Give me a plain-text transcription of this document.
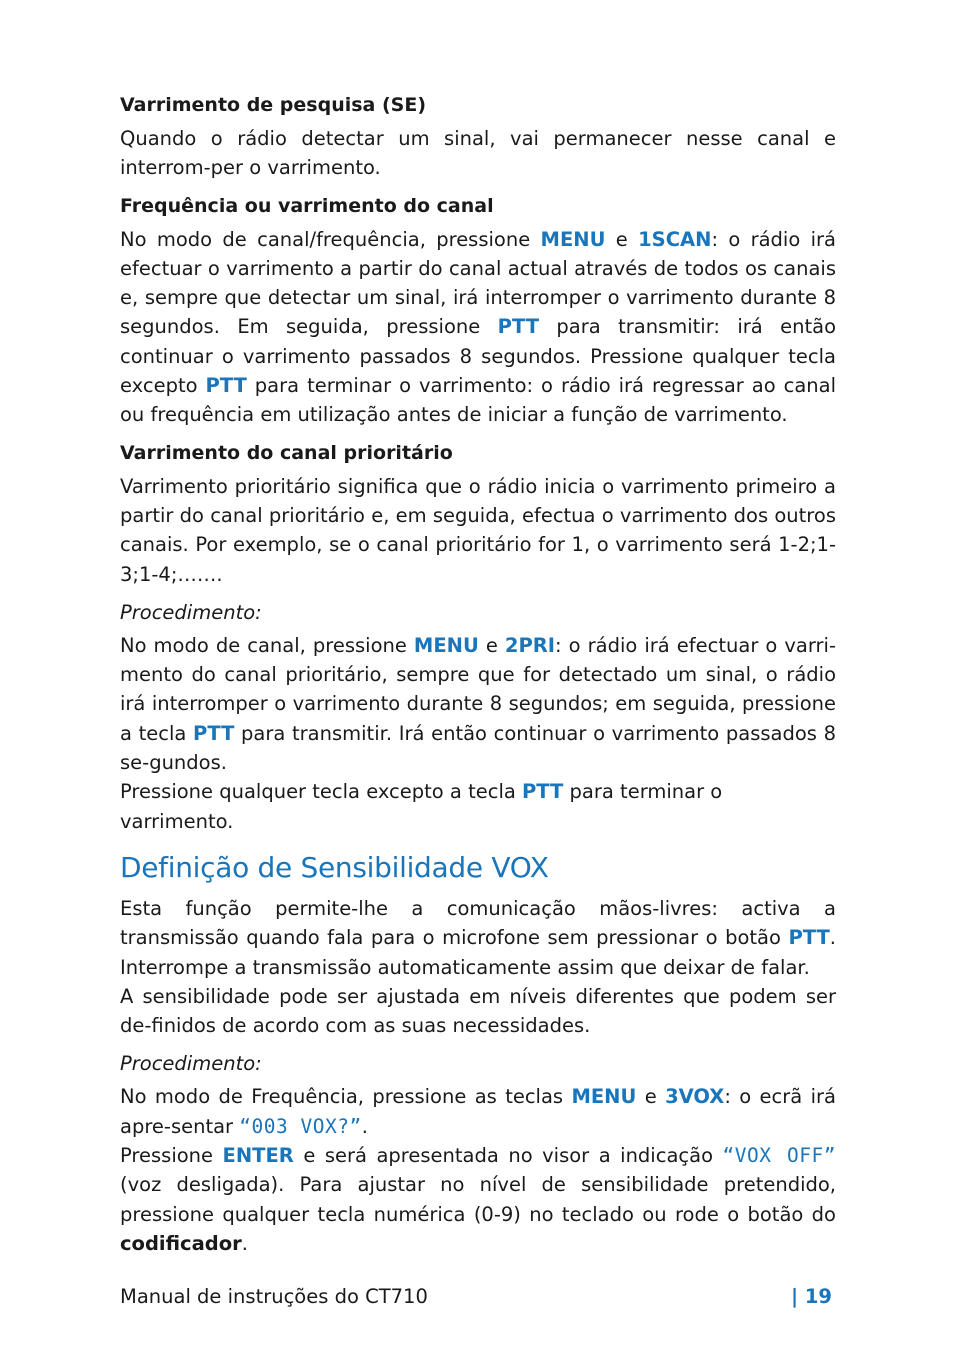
Varrimento de pesquisa (SE)

Quando o rádio detectar um sinal, vai permanecer nesse canal e interrom-per o varrimento.

Frequência ou varrimento do canal

No modo de canal/frequência, pressione MENU e 1SCAN: o rádio irá efectuar o varrimento a partir do canal actual através de todos os canais e, sempre que detectar um sinal, irá interromper o varrimento durante 8 segundos. Em seguida, pressione PTT para transmitir: irá então continuar o varrimento passados 8 segundos. Pressione qualquer tecla excepto PTT para terminar o varrimento: o rádio irá regressar ao canal ou frequência em utilização antes de iniciar a função de varrimento.

Varrimento do canal prioritário

Varrimento prioritário significa que o rádio inicia o varrimento primeiro a partir do canal prioritário e, em seguida, efectua o varrimento dos outros canais. Por exemplo, se o canal prioritário for 1, o varrimento será 1-2;1-3;1-4;…….

Procedimento:

No modo de canal, pressione MENU e 2PRI: o rádio irá efectuar o varri-mento do canal prioritário, sempre que for detectado um sinal, o rádio irá interromper o varrimento durante 8 segundos; em seguida, pressione a tecla PTT para transmitir. Irá então continuar o varrimento passados 8 se-gundos.

Pressione qualquer tecla excepto a tecla PTT para terminar o varrimento.

Definição de Sensibilidade VOX

Esta função permite-lhe a comunicação mãos-livres: activa a transmissão quando fala para o microfone sem pressionar o botão PTT. Interrompe a transmissão automaticamente assim que deixar de falar.

A sensibilidade pode ser ajustada em níveis diferentes que podem ser de-finidos de acordo com as suas necessidades.

Procedimento:

No modo de Frequência, pressione as teclas MENU e 3VOX: o ecrã irá apre-sentar “003 VOX?”.

Pressione ENTER e será apresentada no visor a indicação “VOX OFF” (voz desligada). Para ajustar no nível de sensibilidade pretendido, pressione qualquer tecla numérica (0-9) no teclado ou rode o botão do codificador.

Manual de instruções do CT710	| 19
